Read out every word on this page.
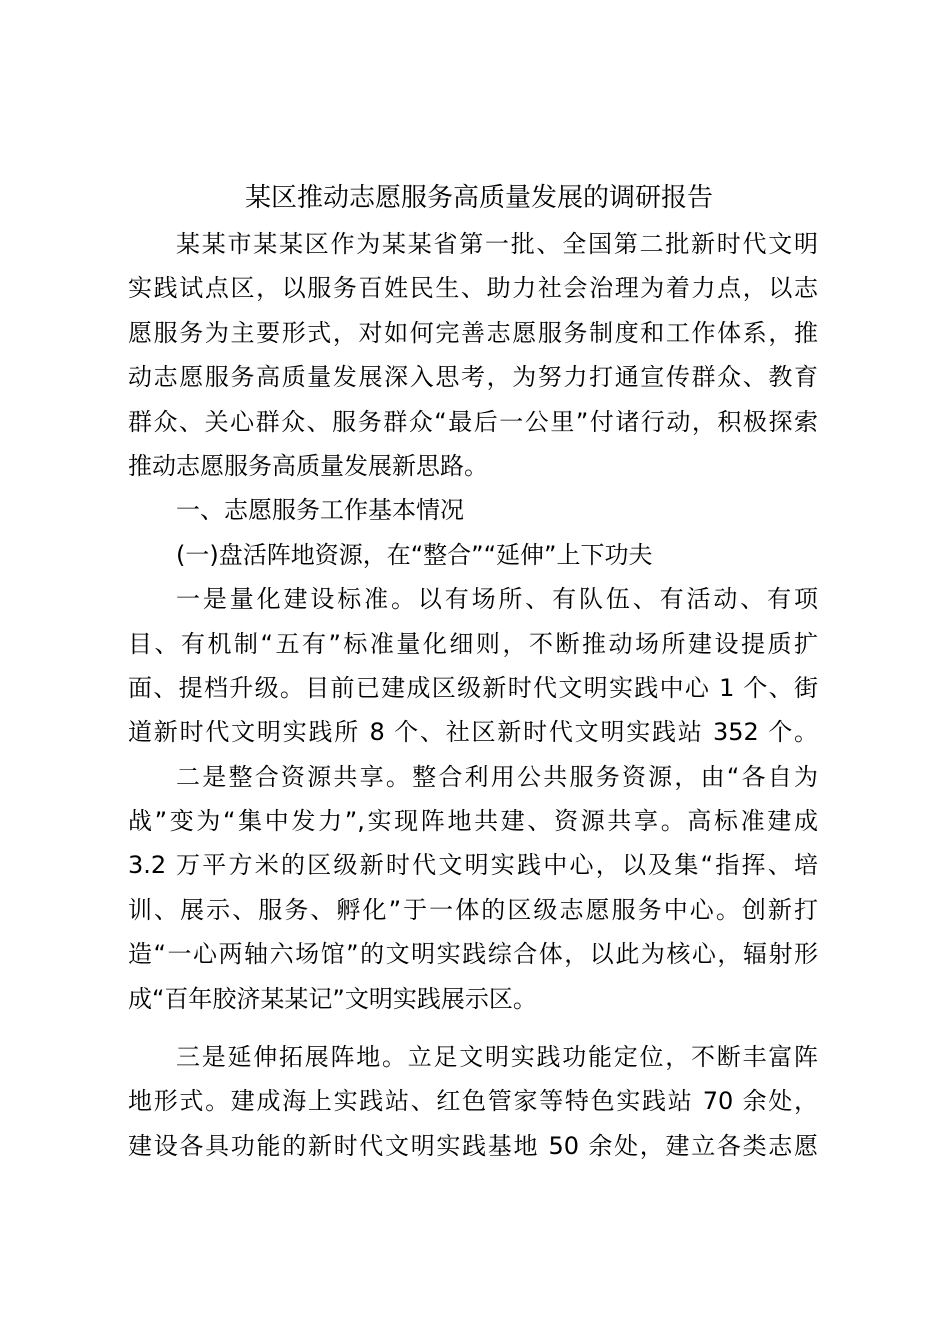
某区推动志愿服务高质量发展的调研报告
某某市某某区作为某某省第一批、全国第二批新时代文明
实践试点区，以服务百姓民生、助力社会治理为着力点，以志
愿服务为主要形式，对如何完善志愿服务制度和工作体系，推
动志愿服务高质量发展深入思考，为努力打通宣传群众、教育
群众、关心群众、服务群众“最后一公里”付诸行动，积极探索
推动志愿服务高质量发展新思路。
一、志愿服务工作基本情况
(一)盘活阵地资源，在“整合”“延伸”上下功夫
一是量化建设标准。以有场所、有队伍、有活动、有项
目、有机制“五有”标准量化细则，不断推动场所建设提质扩
面、提档升级。目前已建成区级新时代文明实践中心 1 个、街
道新时代文明实践所 8 个、社区新时代文明实践站 352 个。
二是整合资源共享。整合利用公共服务资源，由“各自为
战”变为“集中发力”,实现阵地共建、资源共享。高标准建成
3.2 万平方米的区级新时代文明实践中心，以及集“指挥、培
训、展示、服务、孵化”于一体的区级志愿服务中心。创新打
造“一心两轴六场馆”的文明实践综合体，以此为核心，辐射形
成“百年胶济某某记”文明实践展示区。
三是延伸拓展阵地。立足文明实践功能定位，不断丰富阵
地形式。建成海上实践站、红色管家等特色实践站 70 余处，
建设各具功能的新时代文明实践基地 50 余处，建立各类志愿
